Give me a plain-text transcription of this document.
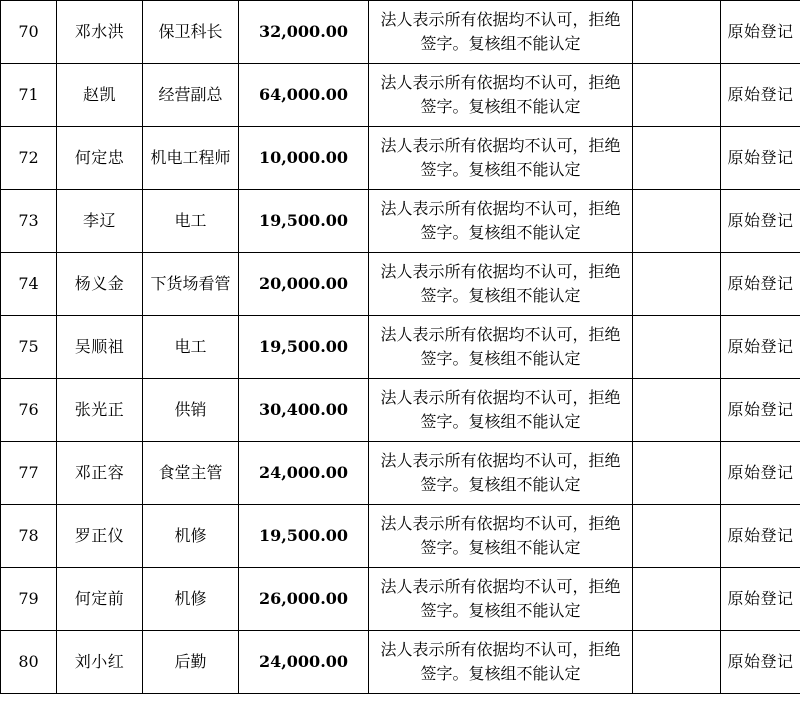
70	邓水洪	保卫科长	32,000.00	法人表示所有依据均不认可，拒绝签字。复核组不能认定		原始登记
71	赵凯	经营副总	64,000.00	法人表示所有依据均不认可，拒绝签字。复核组不能认定		原始登记
72	何定忠	机电工程师	10,000.00	法人表示所有依据均不认可，拒绝签字。复核组不能认定		原始登记
73	李辽	电工	19,500.00	法人表示所有依据均不认可，拒绝签字。复核组不能认定		原始登记
74	杨义金	下货场看管	20,000.00	法人表示所有依据均不认可，拒绝签字。复核组不能认定		原始登记
75	吴顺祖	电工	19,500.00	法人表示所有依据均不认可，拒绝签字。复核组不能认定		原始登记
76	张光正	供销	30,400.00	法人表示所有依据均不认可，拒绝签字。复核组不能认定		原始登记
77	邓正容	食堂主管	24,000.00	法人表示所有依据均不认可，拒绝签字。复核组不能认定		原始登记
78	罗正仪	机修	19,500.00	法人表示所有依据均不认可，拒绝签字。复核组不能认定		原始登记
79	何定前	机修	26,000.00	法人表示所有依据均不认可，拒绝签字。复核组不能认定		原始登记
80	刘小红	后勤	24,000.00	法人表示所有依据均不认可，拒绝签字。复核组不能认定		原始登记
